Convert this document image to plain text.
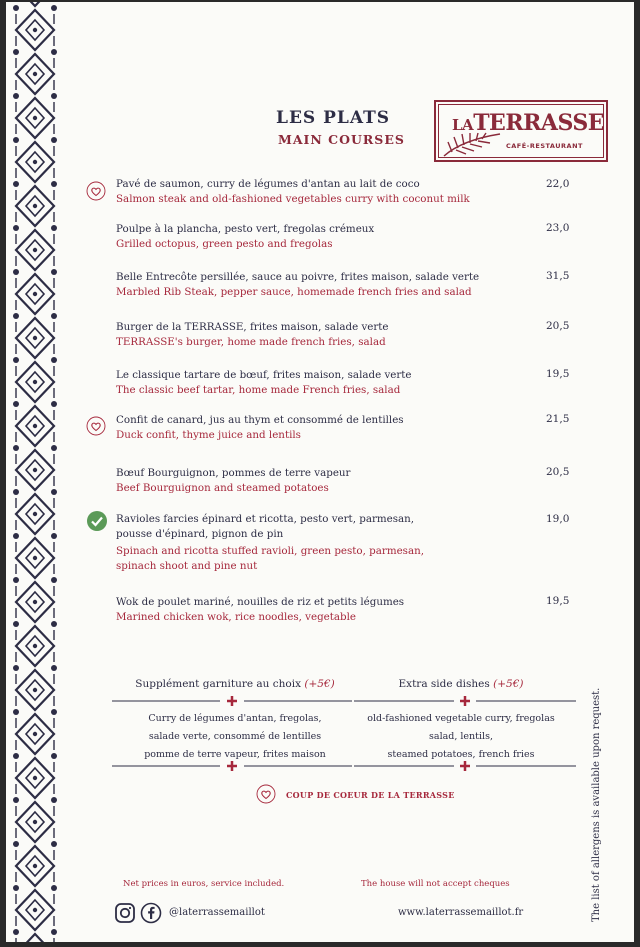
LES PLATS
MAIN COURSES
LATERRASSE
CAFÉ-RESTAURANT
Pavé de saumon, curry de légumes d'antan au lait de coco
Salmon steak and old-fashioned vegetables curry with coconut milk
22,0
Poulpe à la plancha, pesto vert, fregolas crémeux
Grilled octopus, green pesto and fregolas
23,0
Belle Entrecôte persillée, sauce au poivre, frites maison, salade verte
Marbled Rib Steak, pepper sauce, homemade french fries and salad
31,5
Burger de la TERRASSE, frites maison, salade verte
TERRASSE's burger, home made french fries, salad
20,5
Le classique tartare de bœuf, frites maison, salade verte
The classic beef tartar, home made French fries, salad
19,5
Confit de canard, jus au thym et consommé de lentilles
Duck confit, thyme juice and lentils
21,5
Bœuf Bourguignon, pommes de terre vapeur
Beef Bourguignon and steamed potatoes
20,5
Ravioles farcies épinard et ricotta, pesto vert, parmesan,
pousse d'épinard, pignon de pin
Spinach and ricotta stuffed ravioli, green pesto, parmesan,
spinach shoot and pine nut
19,0
Wok de poulet mariné, nouilles de riz et petits légumes
Marined chicken wok, rice noodles, vegetable
19,5
Supplément garniture au choix (+5€)
Curry de légumes d'antan, fregolas,
salade verte, consommé de lentilles
pomme de terre vapeur, frites maison
Extra side dishes (+5€)
old-fashioned vegetable curry, fregolas
salad, lentils,
steamed potatoes, french fries
COUP DE COEUR DE LA TERRASSE
Net prices in euros, service included.	The house will not accept cheques
@laterrassemaillot	www.laterrassemaillot.fr	The list of allergens is available upon request.
